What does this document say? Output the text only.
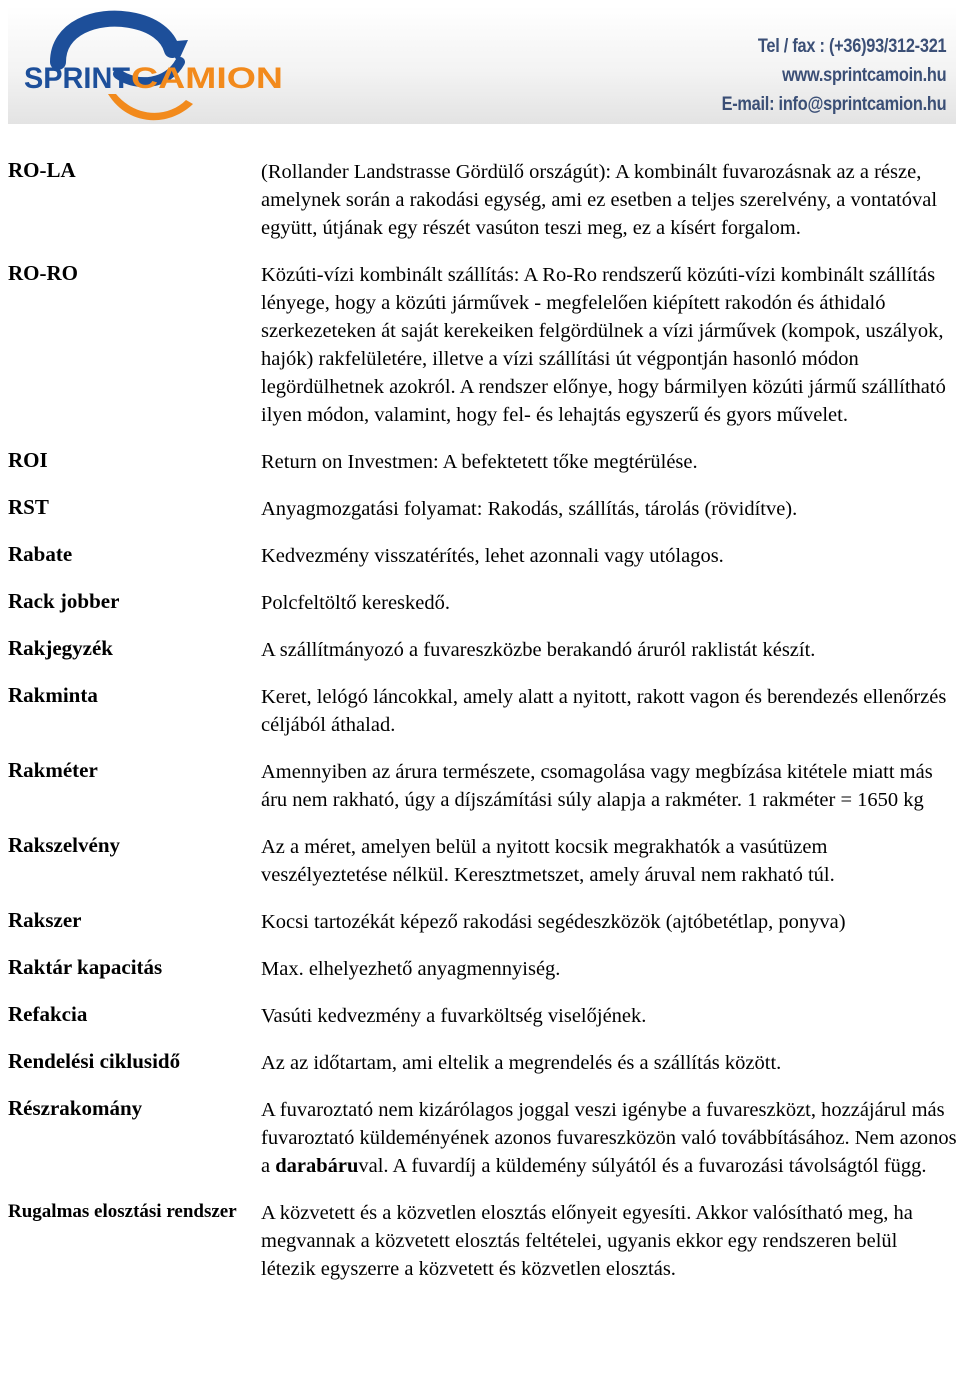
SPRINT CAMION
Tel / fax : (+36)93/312-321
www.sprintcamoin.hu
E-mail: info@sprintcamion.hu
RO-LA	(Rollander Landstrasse Gördülő országút): A kombinált fuvarozásnak az a része, amelynek során a rakodási egység, ami ez esetben a teljes szerelvény, a vontatóval együtt, útjának egy részét vasúton teszi meg, ez a kísért forgalom.
RO-RO	Közúti-vízi kombinált szállítás: A Ro-Ro rendszerű közúti-vízi kombinált szállítás lényege, hogy a közúti járművek - megfelelően kiépített rakodón és áthidaló szerkezeteken át saját kerekeiken felgördülnek a vízi járművek (kompok, uszályok, hajók) rakfelületére, illetve a vízi szállítási út végpontján hasonló módon legördülhetnek azokról. A rendszer előnye, hogy bármilyen közúti jármű szállítható ilyen módon, valamint, hogy fel- és lehajtás egyszerű és gyors művelet.
ROI	Return on Investmen: A befektetett tőke megtérülése.
RST	Anyagmozgatási folyamat: Rakodás, szállítás, tárolás (rövidítve).
Rabate	Kedvezmény visszatérítés, lehet azonnali vagy utólagos.
Rack jobber	Polcfeltöltő kereskedő.
Rakjegyzék	A szállítmányozó a fuvareszközbe berakandó áruról raklistát készít.
Rakminta	Keret, lelógó láncokkal, amely alatt a nyitott, rakott vagon és berendezés ellenőrzés céljából áthalad.
Rakméter	Amennyiben az árura természete, csomagolása vagy megbízása kitétele miatt más áru nem rakható, úgy a díjszámítási súly alapja a rakméter. 1 rakméter = 1650 kg
Rakszelvény	Az a méret, amelyen belül a nyitott kocsik megrakhatók a vasútüzem veszélyeztetése nélkül. Keresztmetszet, amely áruval nem rakható túl.
Rakszer	Kocsi tartozékát képező rakodási segédeszközök (ajtóbetétlap, ponyva)
Raktár kapacitás	Max. elhelyezhető anyagmennyiség.
Refakcia	Vasúti kedvezmény a fuvarköltség viselőjének.
Rendelési ciklusidő	Az az időtartam, ami eltelik a megrendelés és a szállítás között.
Részrakomány	A fuvaroztató nem kizárólagos joggal veszi igénybe a fuvareszközt, hozzájárul más fuvaroztató küldeményének azonos fuvareszközön való továbbításához. Nem azonos a darabáruval. A fuvardíj a küldemény súlyától és a fuvarozási távolságtól függ.
Rugalmas elosztási rendszer	A közvetett és a közvetlen elosztás előnyeit egyesíti. Akkor valósítható meg, ha megvannak a közvetett elosztás feltételei, ugyanis ekkor egy rendszeren belül létezik egyszerre a közvetett és közvetlen elosztás.
